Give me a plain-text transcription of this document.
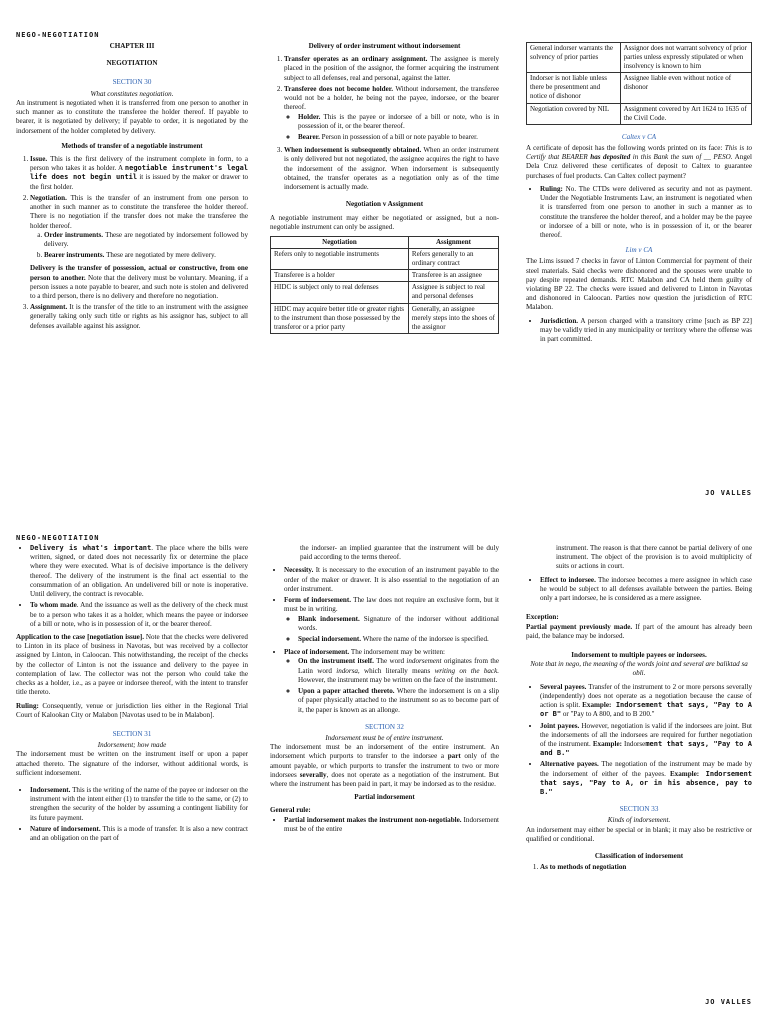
NEGO-NEGOTIATION

CHAPTER III

NEGOTIATION

SECTION 30

What constitutes negotiation.

An instrument is negotiated when it is transferred from one person to another in such manner as to constitute the transferee the holder thereof. If payable to bearer, it is negotiated by delivery; if payable to order, it is negotiated by the indorsement of the holder completed by delivery.

Methods of transfer of a negotiable instrument

1. Issue. This is the first delivery of the instrument complete in form, to a person who takes it as holder. A negotiable instrument's legal life does not begin until it is issued by the maker or drawer to the first holder.
2. Negotiation. This is the transfer of an instrument from one person to another in such manner as to constitute the transferee the holder thereof. There is no negotiation if the transfer does not make the transferee the holder thereof.
a. Order instruments. These are negotiated by indorsement followed by delivery.
b. Bearer instruments. These are negotiated by mere delivery.

Delivery is the transfer of possession, actual or constructive, from one person to another. Note that the delivery must be voluntary. Meaning, if a person issues a note payable to bearer, and such note is stolen and delivered to a third person, there is no delivery and therefore no negotiation.

3. Assignment. It is the transfer of the title to an instrument with the assignee generally taking only such title or rights as his assignor has, subject to all defenses available against his assignor.

Delivery of order instrument without indorsement

1. Transfer operates as an ordinary assignment. The assignee is merely placed in the position of the assignor, the former acquiring the instrument subject to all defenses, real and personal, against the latter.
2. Transferee does not become holder. Without indorsement, the transferee would not be a holder, he being not the payee, indorsee, or the bearer thereof.
◦ Holder. This is the payee or indorsee of a bill or note, who is in possession of it, or the bearer thereof.
◦ Bearer. Person in possession of a bill or note payable to bearer.
3. When indorsement is subsequently obtained. When an order instrument is only delivered but not negotiated, the assignee acquires the right to have the indorsement of the assignor. When indorsement is subsequently obtained, the transfer operates as a negotiation only as of the time indorsement is actually made.

Negotiation v Assignment

A negotiable instrument may either be negotiated or assigned, but a non-negotiable instrument can only be assigned.

Negotiation	Assignment
Refers only to negotiable instruments	Refers generally to an ordinary contract
Transferee is a holder	Transferee is an assignee
HIDC is subject only to real defenses	Assignee is subject to real and personal defenses
HIDC may acquire better title or greater rights to the instrument than those possessed by the transferor or a prior party	Generally, an assignee merely steps into the shoes of the assignor
General indorser warrants the solvency of prior parties	Assignor does not warrant solvency of prior parties unless expressly stipulated or when insolvency is known to him
Indorser is not liable unless there be presentment and notice of dishonor	Assignee liable even without notice of dishonor
Negotiation covered by NIL	Assignment covered by Art 1624 to 1635 of the Civil Code.

Caltex v CA

A certificate of deposit has the following words printed on its face: This is to Certify that BEARER has deposited in this Bank the sum of __ PESO. Angel Dela Cruz delivered these certificates of deposit to Caltex to guarantee purchases of fuel products. Can Caltex collect payment?

• Ruling: No. The CTDs were delivered as security and not as payment. Under the Negotiable Instruments Law, an instrument is negotiated when it is transferred from one person to another in such a manner as to constitute the transferee the holder thereof, and a holder may be the payee or indorsee of a bill or note, who is in possession of it, or the bearer thereof.

Lim v CA

The Lims issued 7 checks in favor of Linton Commercial for payment of their steel materials. Said checks were dishonored and the spouses were unable to pay despite repeated demands. RTC Malabon and CA held them guilty of violating BP 22. The checks were issued and delivered to Linton in Navotas and dishonored in Caloocan. Parties now question the jurisdiction of RTC Malabon.

• Jurisdiction. A person charged with a transitory crime [such as BP 22] may be validly tried in any municipality or territory where the offense was in part committed.
JO VALLES
NEGO-NEGOTIATION
• Delivery is what's important. The place where the bills were written, signed, or dated does not necessarily fix or determine the place where they were executed. What is of decisive importance is the delivery thereof. The delivery of the instrument is the final act essential to the consummation of an obligation. An undelivered bill or note is inoperative. Until delivery, the contract is revocable.
• To whom made. And the issuance as well as the delivery of the check must be to a person who takes it as a holder, which means the payee or indorsee of a bill or note, who is in possession of it, or the bearer thereof.

Application to the case [negotiation issue]. Note that the checks were delivered to Linton in its place of business in Navotas, but was received by a collector assigned by Linton, in Caloocan. This notwithstanding, the receipt of the checks by the collector of Linton is not the issuance and delivery to the payee in contemplation of law. The collector was not the person who could take the checks as a holder, i.e., as a payee or indorsee thereof, with the intent to transfer title thereto.

Ruling: Consequently, venue or jurisdiction lies either in the Regional Trial Court of Kalookan City or Malabon [Navotas used to be in Malabon].

SECTION 31

Indorsement; how made

The indorsement must be written on the instrument itself or upon a paper attached thereto. The signature of the indorser, without additional words, is sufficient indorsement.

• Indorsement. This is the writing of the name of the payee or indorser on the instrument with the intent either (1) to transfer the title to the same, or (2) to strengthen the security of the holder by assuming a contingent liability for its future payment.
• Nature of indorsement. This is a mode of transfer. It is also a new contract and an obligation on the part of

the indorser- an implied guarantee that the instrument will be duly paid according to the terms thereof.

• Necessity. It is necessary to the execution of an instrument payable to the order of the maker or drawer. It is also essential to the negotiation of an order instrument.
• Form of indorsement. The law does not require an exclusive form, but it must be in writing.
◦ Blank indorsement. Signature of the indorser without additional words.
◦ Special indorsement. Where the name of the indorsee is specified.
• Place of indorsement. The indorsement may be written:
◦ On the instrument itself. The word indorsement originates from the Latin word indorsa, which literally means writing on the back. However, the instrument may be written on the face of the instrument.
◦ Upon a paper attached thereto. Where the indorsement is on a slip of paper physically attached to the instrument so as to become part of it, the paper is known as an allonge.

SECTION 32

Indorsement must be of entire instrument.

The indorsement must be an indorsement of the entire instrument. An indorsement which purports to transfer to the indorsee a part only of the amount payable, or which purports to transfer the instrument to two or more indorsees severally, does not operate as a negotiation of the instrument. But where the instrument has been paid in part, it may be indorsed as to the residue.

Partial indorsement

General rule:

• Partial indorsement makes the instrument non-negotiable. Indorsement must be of the entire

instrument. The reason is that there cannot be partial delivery of one instrument. The object of the provision is to avoid multiplicity of suits or actions in court.

• Effect to indorsee. The indorsee becomes a mere assignee in which case he would be subject to all defenses available between the parties. Being only a part indorsee, he is considered as a mere assignee.

Exception:

Partial payment previously made. If part of the amount has already been paid, the balance may be indorsed.

Indorsement to multiple payees or indorsees.

Note that in nego, the meaning of the words joint and several are baliktad sa obli.

• Several payees. Transfer of the instrument to 2 or more persons severally (independently) does not operate as a negotiation because the cause of action is split. Example: Indorsement that says, "Pay to A or B" or "Pay to A 800, and to B 200."
• Joint payees. However, negotiation is valid if the indorsees are joint. But the indorsements of all the indorsees are required for further negotiation of the instrument. Example: Indorsement that says, "Pay to A and B."
• Alternative payees. The negotiation of the instrument may be made by the indorsement of either of the payees. Example: Indorsement that says, "Pay to A, or in his absence, pay to B."

SECTION 33

Kinds of indorsement.

An indorsement may either be special or in blank; it may also be restrictive or qualified or conditional.

Classification of indorsement

1. As to methods of negotiation
JO VALLES
